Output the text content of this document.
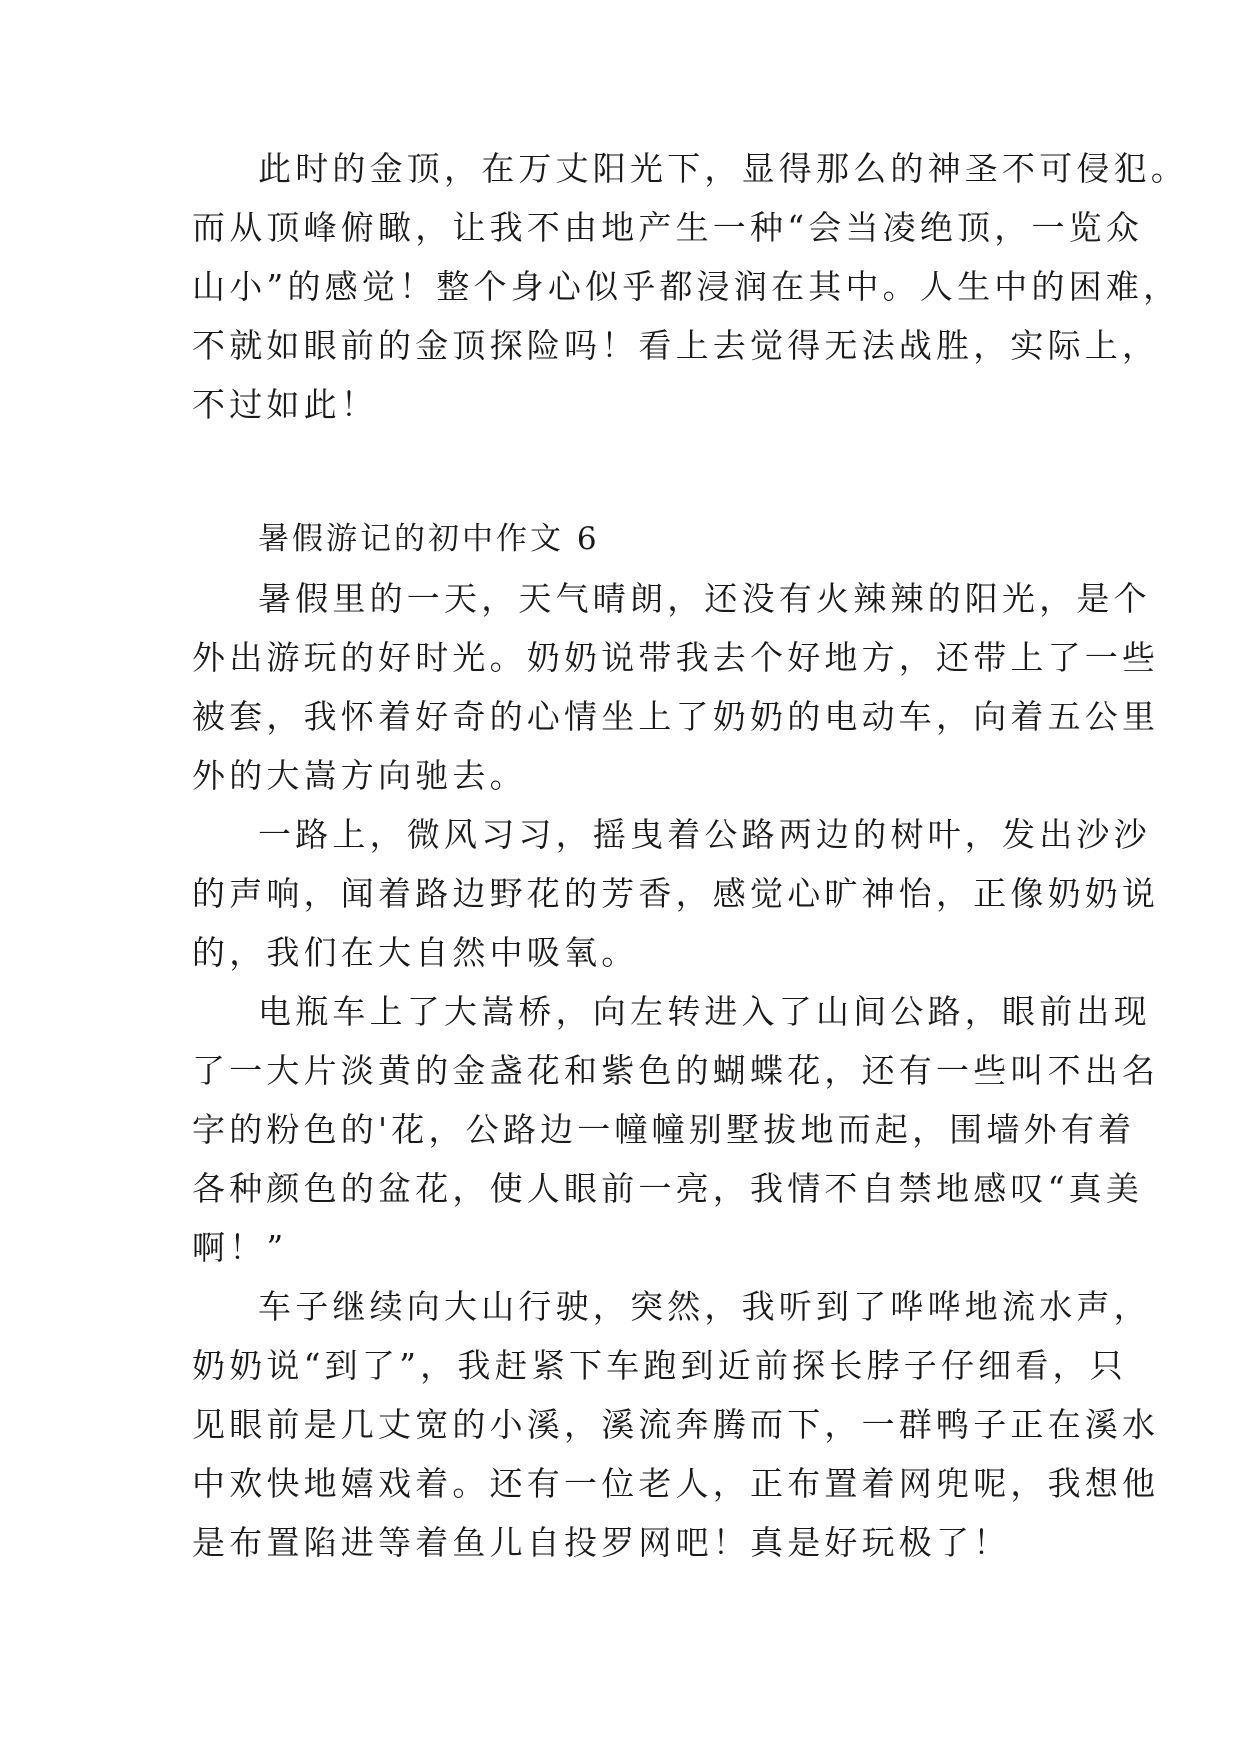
此时的金顶，在万丈阳光下，显得那么的神圣不可侵犯。
而从顶峰俯瞰，让我不由地产生一种“会当凌绝顶，一览众
山小”的感觉！整个身心似乎都浸润在其中。人生中的困难，
不就如眼前的金顶探险吗！看上去觉得无法战胜，实际上，
不过如此！
暑假游记的初中作文 6
暑假里的一天，天气晴朗，还没有火辣辣的阳光，是个
外出游玩的好时光。奶奶说带我去个好地方，还带上了一些
被套，我怀着好奇的心情坐上了奶奶的电动车，向着五公里
外的大嵩方向驰去。
一路上，微风习习，摇曳着公路两边的树叶，发出沙沙
的声响，闻着路边野花的芳香，感觉心旷神怡，正像奶奶说
的，我们在大自然中吸氧。
电瓶车上了大嵩桥，向左转进入了山间公路，眼前出现
了一大片淡黄的金盏花和紫色的蝴蝶花，还有一些叫不出名
字的粉色的'花，公路边一幢幢别墅拔地而起，围墙外有着
各种颜色的盆花，使人眼前一亮，我情不自禁地感叹“真美
啊！”
车子继续向大山行驶，突然，我听到了哗哗地流水声，
奶奶说“到了”，我赶紧下车跑到近前探长脖子仔细看，只
见眼前是几丈宽的小溪，溪流奔腾而下，一群鸭子正在溪水
中欢快地嬉戏着。还有一位老人，正布置着网兜呢，我想他
是布置陷进等着鱼儿自投罗网吧！真是好玩极了！
